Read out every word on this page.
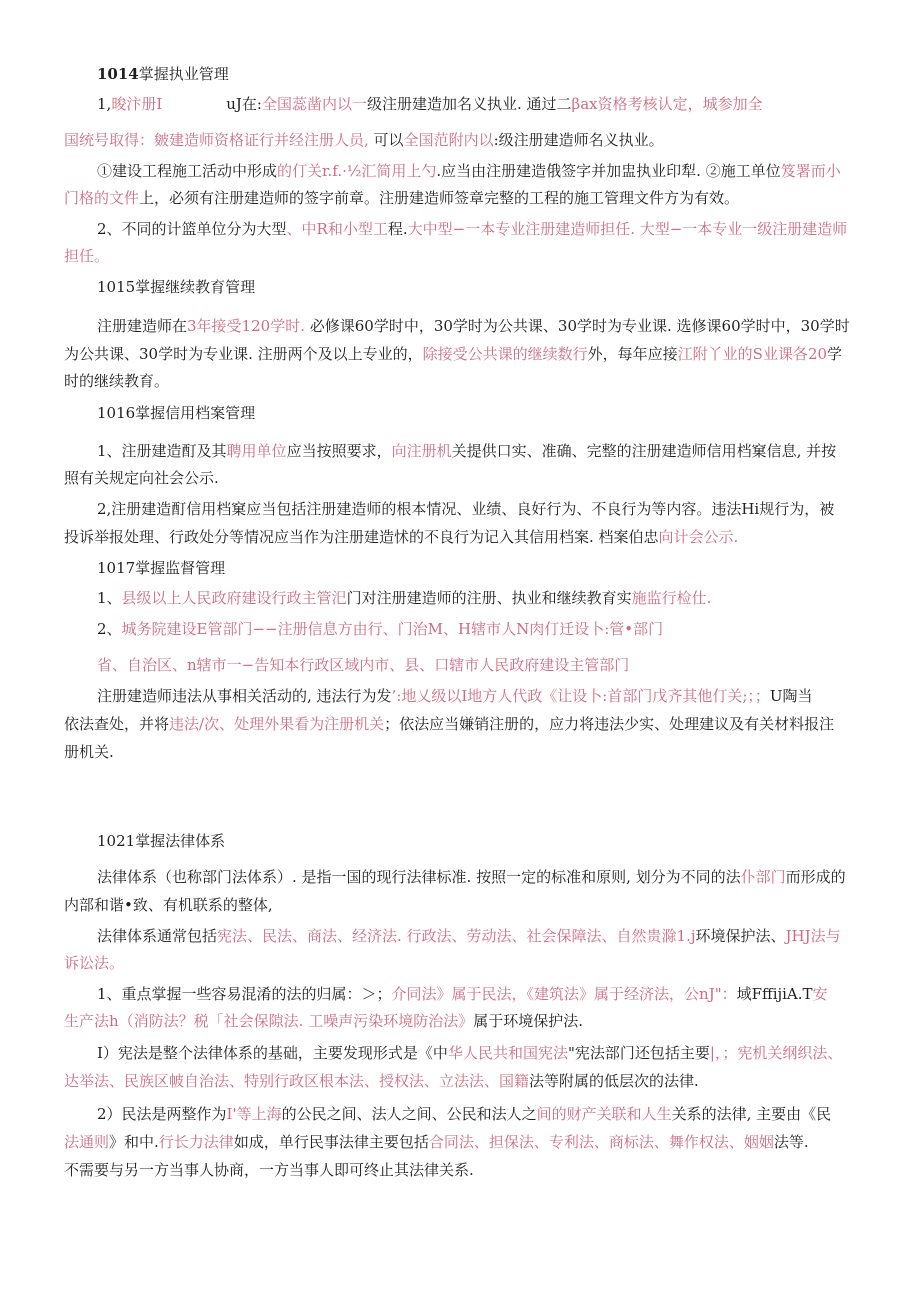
1014掌握执业管理
1,晙汴册I	uJ在:全国蕊凿内以一级注册建造加名义执业. 通过二βax资格考核认定，城参加全
国统号取得：皴建造师资格证行并经注册人员, 可以全国范附内以:级注册建造师名义执业。
①建设工程施工活动中形成的仃关r.f.·½汇简用上勺.应当由注册建造俄签字并加盅执业印犁. ②施工单位笈署而小
门格的文件上，必须有注册建造师的签字前章。注册建造师签章完整的工程的施工管理文件方为有效。
2、不同的计篮单位分为大型、中R和小型工程.大中型−一本专业注册建造师担任. 大型−一本专业一级注册建造师
担任。
1015掌握继续教育管理
注册建造师在3年接受120学时. 必修课60学时中，30学时为公共课、30学时为专业课. 选修课60学时中，30学时
为公共课、30学时为专业课. 注册两个及以上专业的，除接受公共课的继续数行外，每年应接江附丫业的S业课各20学
时的继续教育。
1016掌握信用档案管理
1、注册建造酊及其聘用单位应当按照要求，向注册机关提供口实、准确、完整的注册建造师信用档窠信息, 并按
照有关规定向社会公示.
2,注册建造酊信用档窠应当包括注册建造师的根本情况、业绩、良好行为、不良行为等内容。违法Hi规行为，被
投诉举报处理、行政处分等情况应当作为注册建造怵的不良行为记入其信用档案. 档案伯忠向计会公示.
1017掌握监督管理
1、县级以上人民政府建设行政主管汜门对注册建造师的注册、执业和继续教育实施监行检仕.
2、城务院建设E管部门−−注册信息方由行、门治M、H辖市人N肉仃迁设卜:管•部门
省、自治区、n辖市一−告知本行政区域内市、县、口辖市人民政府建设主管部门
注册建造师违法从事相关活动的, 违法行为发’:地乂级以I地方人代政《让设卜:首部门戊齐其他仃关;；；U陶当
依法查处，并将违法/次、处理外果看为注册机关；依法应当嫌销注册的，应力将违法少实、处理建议及有关材料报注
册机关.
1021掌握法律体系
法律体系（也称部门法体系）. 是指一国的现行法律标准. 按照一定的标准和原则, 划分为不同的法仆部门而形成的
内部和谐•致、有机联系的整体,
法律体系通常包括宪法、民法、商法、经济法. 行政法、劳动法、社会保障法、自然贵滁1.j环境保护法、JHJ法与
诉讼法。
1、重点掌握一些容易混淆的法的归属：＞；介同法》属于民法，《建筑法》属于经济法，公nJ"：域FffijiA.T安
生产法h（消防法？税「社会保隙法. 工噪声污染环境防治法》属于环境保护法.
I）宪法是整个法律体系的基础，主要发现形式是《中华人民共和国宪法"宪法部门还包括主要|，；宪机关纲织法、
达举法、民族区帔自治法、特别行政区根本法、授权法、立法法、国籍法等附属的低层次的法律.
2）民法是两整作为I'等上海的公民之间、法人之间、公民和法人之间的财产关联和人生关系的法律, 主要由《民
法通则》和中.行长力法律如成，单行民事法律主要包括合同法、担保法、专利法、商标法、舞作权法、姻姻法等.
不需要与另一方当事人协商，一方当事人即可终止其法律关系.
